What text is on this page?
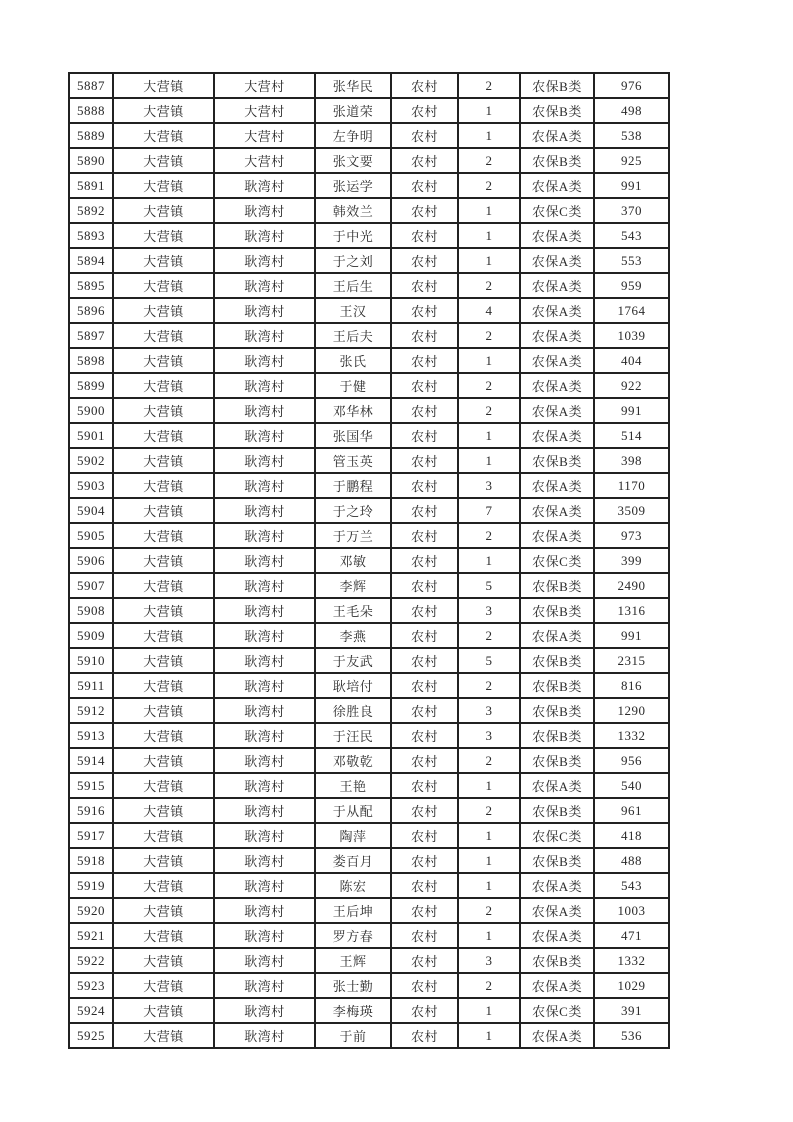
5887	大营镇	大营村	张华民	农村	2	农保B类	976
5888	大营镇	大营村	张道荣	农村	1	农保B类	498
5889	大营镇	大营村	左争明	农村	1	农保A类	538
5890	大营镇	大营村	张文要	农村	2	农保B类	925
5891	大营镇	耿湾村	张运学	农村	2	农保A类	991
5892	大营镇	耿湾村	韩效兰	农村	1	农保C类	370
5893	大营镇	耿湾村	于中光	农村	1	农保A类	543
5894	大营镇	耿湾村	于之刘	农村	1	农保A类	553
5895	大营镇	耿湾村	王后生	农村	2	农保A类	959
5896	大营镇	耿湾村	王汉	农村	4	农保A类	1764
5897	大营镇	耿湾村	王后夫	农村	2	农保A类	1039
5898	大营镇	耿湾村	张氏	农村	1	农保A类	404
5899	大营镇	耿湾村	于健	农村	2	农保A类	922
5900	大营镇	耿湾村	邓华林	农村	2	农保A类	991
5901	大营镇	耿湾村	张国华	农村	1	农保A类	514
5902	大营镇	耿湾村	管玉英	农村	1	农保B类	398
5903	大营镇	耿湾村	于鹏程	农村	3	农保A类	1170
5904	大营镇	耿湾村	于之玲	农村	7	农保A类	3509
5905	大营镇	耿湾村	于万兰	农村	2	农保A类	973
5906	大营镇	耿湾村	邓敏	农村	1	农保C类	399
5907	大营镇	耿湾村	李辉	农村	5	农保B类	2490
5908	大营镇	耿湾村	王毛朵	农村	3	农保B类	1316
5909	大营镇	耿湾村	李燕	农村	2	农保A类	991
5910	大营镇	耿湾村	于友武	农村	5	农保B类	2315
5911	大营镇	耿湾村	耿培付	农村	2	农保B类	816
5912	大营镇	耿湾村	徐胜良	农村	3	农保B类	1290
5913	大营镇	耿湾村	于汪民	农村	3	农保B类	1332
5914	大营镇	耿湾村	邓敬乾	农村	2	农保B类	956
5915	大营镇	耿湾村	王艳	农村	1	农保A类	540
5916	大营镇	耿湾村	于从配	农村	2	农保B类	961
5917	大营镇	耿湾村	陶萍	农村	1	农保C类	418
5918	大营镇	耿湾村	娄百月	农村	1	农保B类	488
5919	大营镇	耿湾村	陈宏	农村	1	农保A类	543
5920	大营镇	耿湾村	王后坤	农村	2	农保A类	1003
5921	大营镇	耿湾村	罗方春	农村	1	农保A类	471
5922	大营镇	耿湾村	王辉	农村	3	农保B类	1332
5923	大营镇	耿湾村	张士勤	农村	2	农保A类	1029
5924	大营镇	耿湾村	李梅瑛	农村	1	农保C类	391
5925	大营镇	耿湾村	于前	农村	1	农保A类	536
